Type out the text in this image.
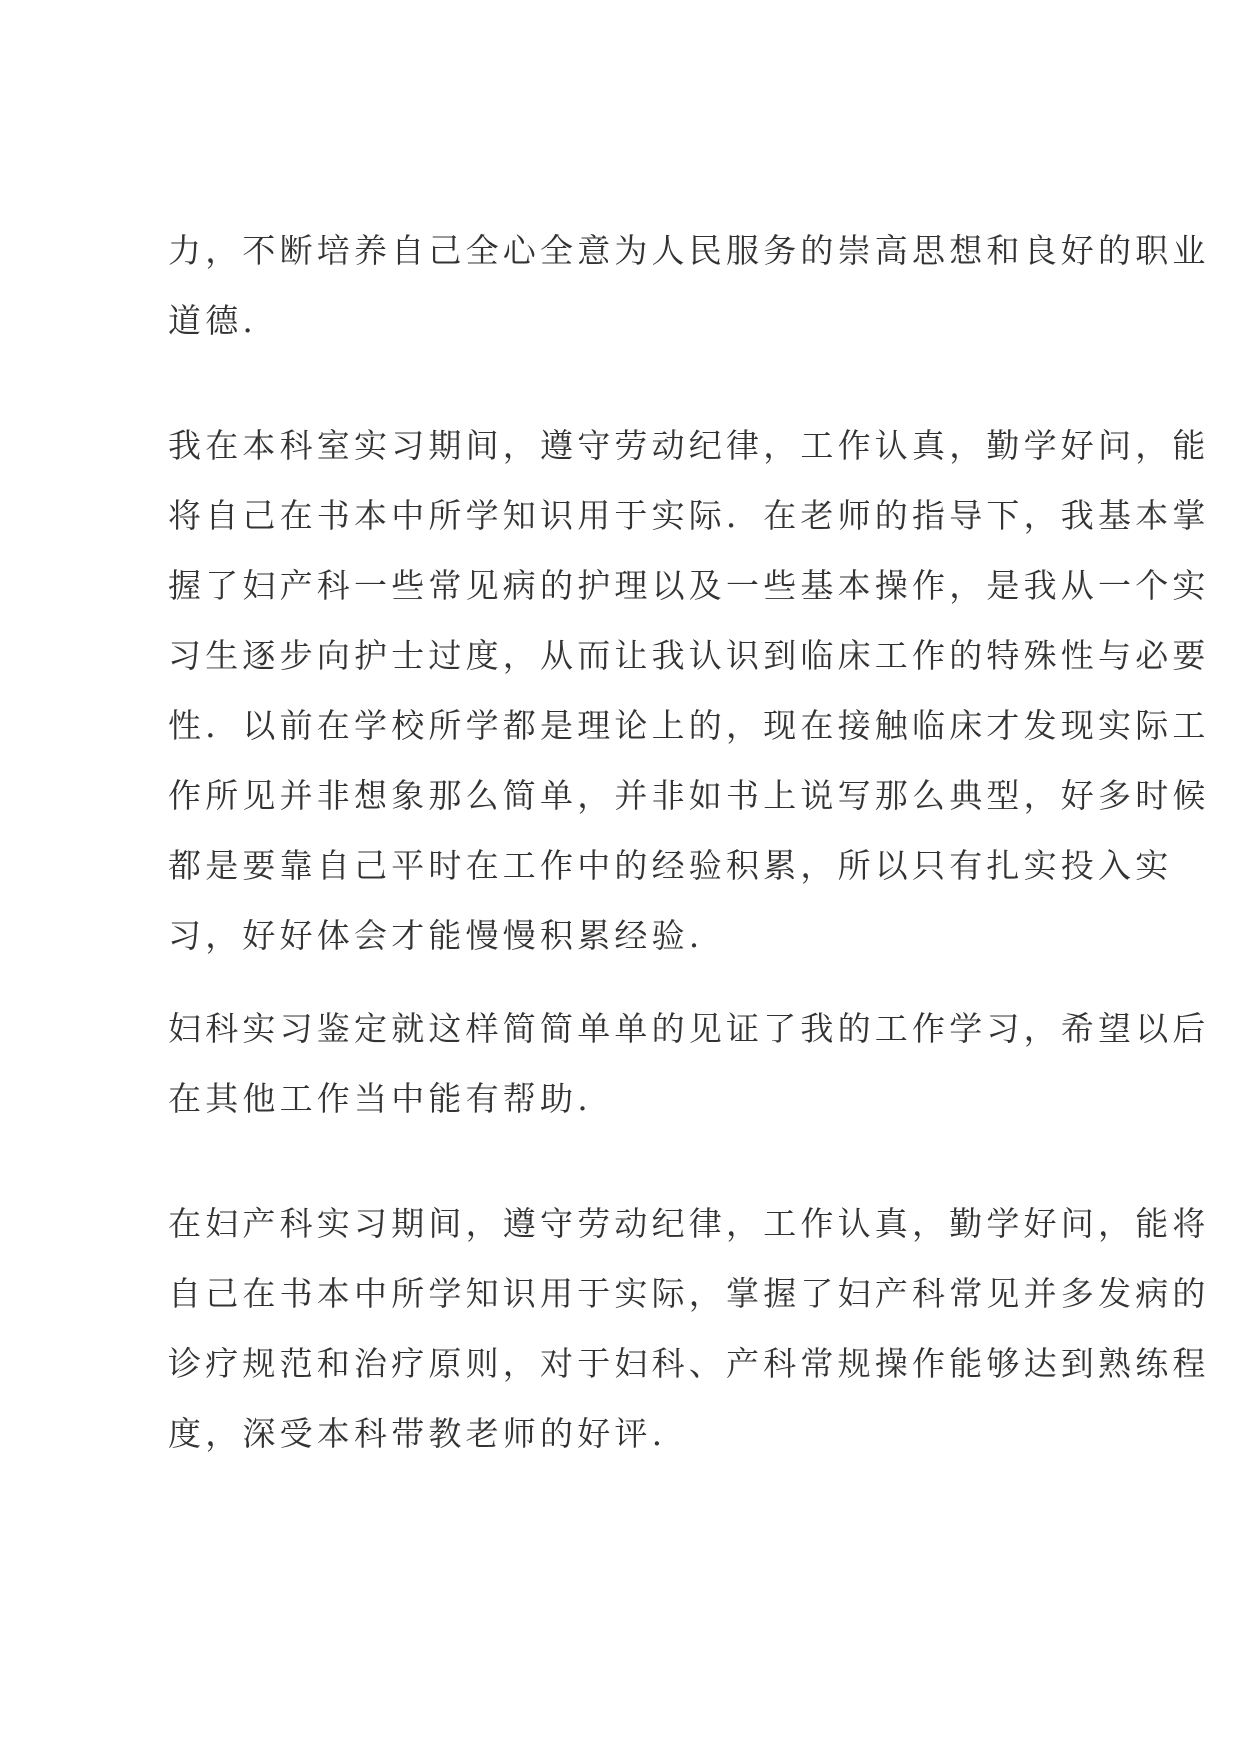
力，不断培养自己全心全意为人民服务的崇高思想和良好的职业
道德.

我在本科室实习期间，遵守劳动纪律，工作认真，勤学好问，能
将自己在书本中所学知识用于实际．在老师的指导下，我基本掌
握了妇产科一些常见病的护理以及一些基本操作，是我从一个实
习生逐步向护士过度，从而让我认识到临床工作的特殊性与必要
性．以前在学校所学都是理论上的，现在接触临床才发现实际工
作所见并非想象那么简单，并非如书上说写那么典型，好多时候
都是要靠自己平时在工作中的经验积累，所以只有扎实投入实
习，好好体会才能慢慢积累经验.

妇科实习鉴定就这样简简单单的见证了我的工作学习，希望以后
在其他工作当中能有帮助.

在妇产科实习期间，遵守劳动纪律，工作认真，勤学好问，能将
自己在书本中所学知识用于实际，掌握了妇产科常见并多发病的
诊疗规范和治疗原则，对于妇科、产科常规操作能够达到熟练程
度，深受本科带教老师的好评.
